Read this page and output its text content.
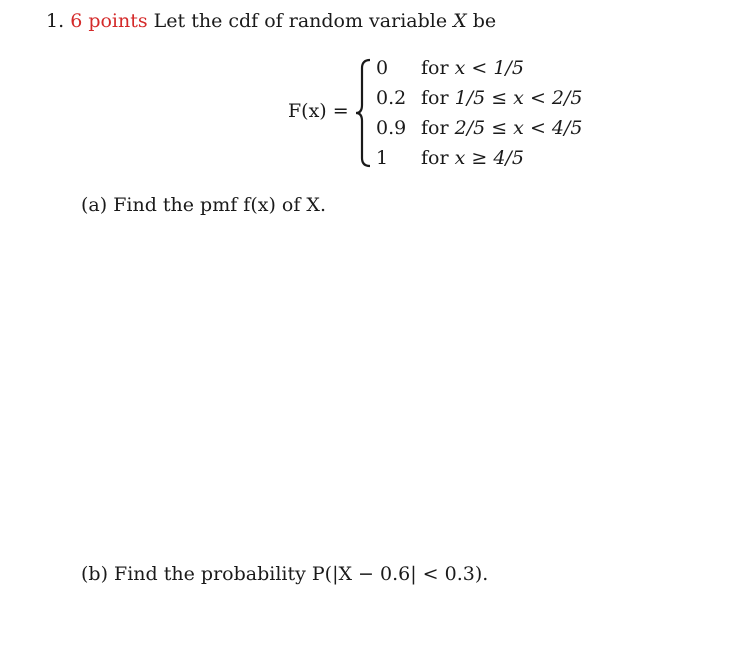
1. 6 points Let the cdf of random variable X be
F(x) =
0
0.2
0.9
1
for x < 1/5
for 1/5 ≤ x < 2/5
for 2/5 ≤ x < 4/5
for x ≥ 4/5
(a) Find the pmf f(x) of X.
(b) Find the probability P(|X − 0.6| < 0.3).
